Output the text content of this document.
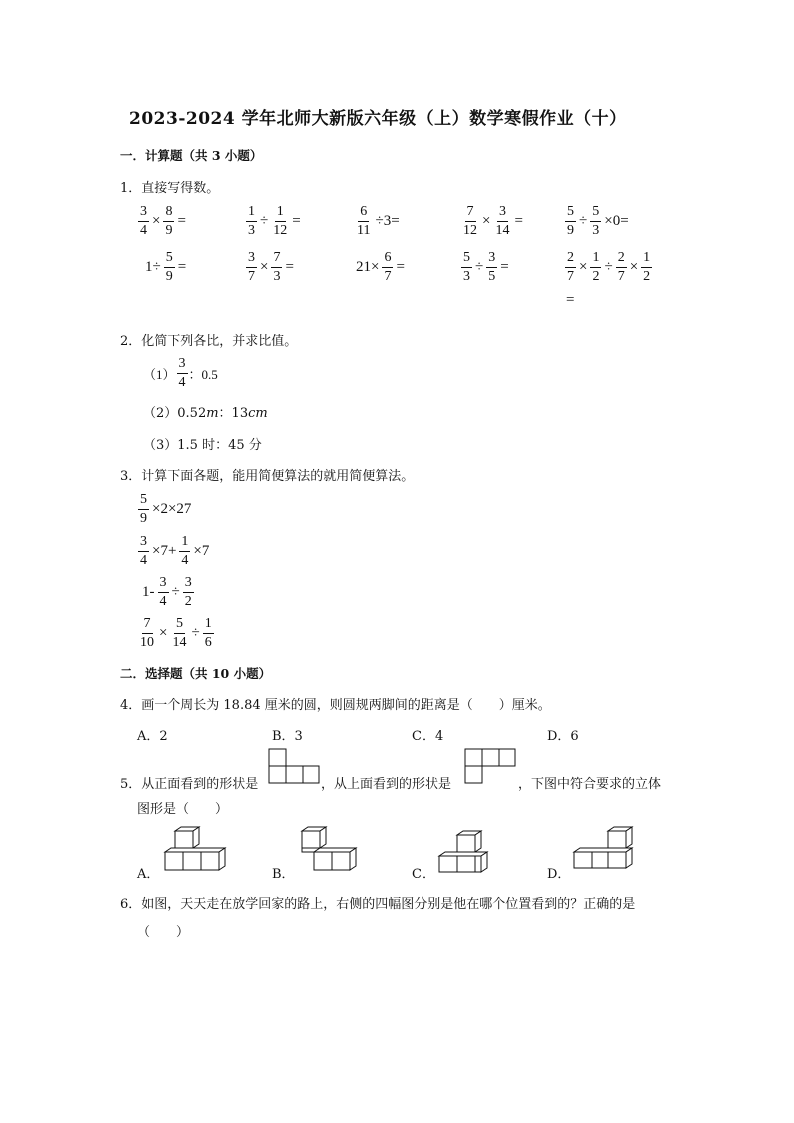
2023-2024 学年北师大新版六年级（上）数学寒假作业（十）
一．计算题（共 3 小题）
1．直接写得数。
$\frac{3}{4} \times \frac{8}{9}$ =	$\frac{1}{3} \div \frac{1}{12}$ =	$\frac{6}{11} \div 3=$	$\frac{7}{12} \times \frac{3}{14}$ =	$\frac{5}{9} \div \frac{5}{3} \times 0=$
$1\div \frac{5}{9}$ =	$\frac{3}{7} \times \frac{7}{3}$ =	$21\times \frac{6}{7}$ =	$\frac{5}{3} \div \frac{3}{5}$ =	$\frac{2}{7} \times \frac{1}{2} \div \frac{2}{7} \times \frac{1}{2}$
=
2．化简下列各比，并求比值。
$(1) \frac{3}{4}$ ：0.5
（2）0.52m：13cm
（3）1.5 时：45 分
3．计算下面各题，能用简便算法的就用简便算法。
$\frac{5}{9} \times 2\times 27$
$\frac{3}{4} \times 7+ \frac{1}{4} \times 7$
$1- \frac{3}{4} \div \frac{3}{2}$
$\frac{7}{10} \times \frac{5}{14} \div \frac{1}{6}$
二．选择题（共 10 小题）
4．画一个周长为 18.84 厘米的圆，则圆规两脚间的距离是（　　）厘米。
A．2	B．3	C．4	D．6
5．从正面看到的形状是	，从上面看到的形状是	，下图中符合要求的立体
图形是（　　）
A．	B．	C．	D．
6．如图，天天走在放学回家的路上，右侧的四幅图分别是他在哪个位置看到的？正确的是
（　　）
